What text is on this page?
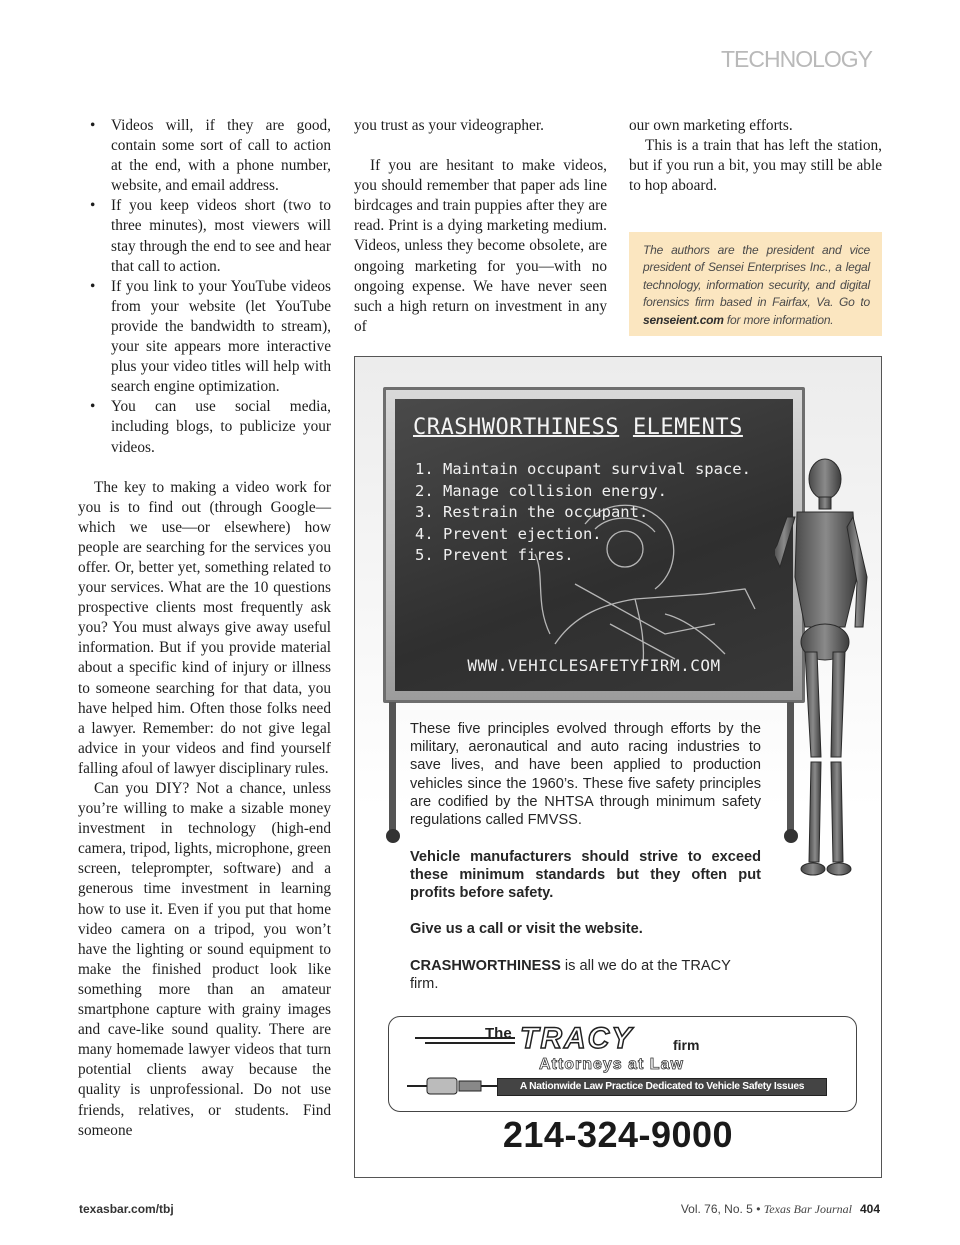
TECHNOLOGY
• Videos will, if they are good, contain some sort of call to action at the end, with a phone number, website, and email address.
• If you keep videos short (two to three minutes), most viewers will stay through the end to see and hear that call to action.
• If you link to your YouTube videos from your website (let YouTube provide the bandwidth to stream), your site appears more interactive plus your video titles will help with search engine optimization.
• You can use social media, including blogs, to publicize your videos.

The key to making a video work for you is to find out (through Google—which we use—or elsewhere) how people are searching for the services you offer. Or, better yet, something related to your services. What are the 10 questions prospective clients most frequently ask you? You must always give away useful information. But if you provide material about a specific kind of injury or illness to someone searching for that data, you have helped him. Often those folks need a lawyer. Remember: do not give legal advice in your videos and find yourself falling afoul of lawyer disciplinary rules.

Can you DIY? Not a chance, unless you’re willing to make a sizable money investment in technology (high-end camera, tripod, lights, microphone, green screen, teleprompter, software) and a generous time investment in learning how to use it. Even if you put that home video camera on a tripod, you won’t have the lighting or sound equipment to make the finished product look like something more than an amateur smartphone capture with grainy images and cave-like sound quality. There are many homemade lawyer videos that turn potential clients away because the quality is unprofessional. Do not use friends, relatives, or students. Find someone

you trust as your videographer.

If you are hesitant to make videos, you should remember that paper ads line birdcages and train puppies after they are read. Print is a dying marketing medium. Videos, unless they become obsolete, are ongoing marketing for you—with no ongoing expense. We have never seen such a high return on investment in any of

our own marketing efforts.

This is a train that has left the station, but if you run a bit, you may still be able to hop aboard.

The authors are the president and vice president of Sensei Enterprises Inc., a legal technology, information security, and digital forensics firm based in Fairfax, Va. Go to senseient.com for more information.
CRASHWORTHINESS ELEMENTS
1. Maintain occupant survival space.
2. Manage collision energy.
3. Restrain the occupant.
4. Prevent ejection.
5. Prevent fires.
WWW.VEHICLESAFETYFIRM.COM
These five principles evolved through efforts by the military, aeronautical and auto racing industries to save lives, and have been applied to production vehicles since the 1960’s. These five safety principles are codified by the NHTSA through minimum safety regulations called FMVSS.
Vehicle manufacturers should strive to exceed these minimum standards but they often put profits before safety.
Give us a call or visit the website.
CRASHWORTHINESS is all we do at the TRACY firm.
The TRACY	firm
Attorneys at Law
A Nationwide Law Practice Dedicated to Vehicle Safety Issues
214-324-9000
texasbar.com/tbj	Vol. 76, No. 5 • Texas Bar Journal 404
